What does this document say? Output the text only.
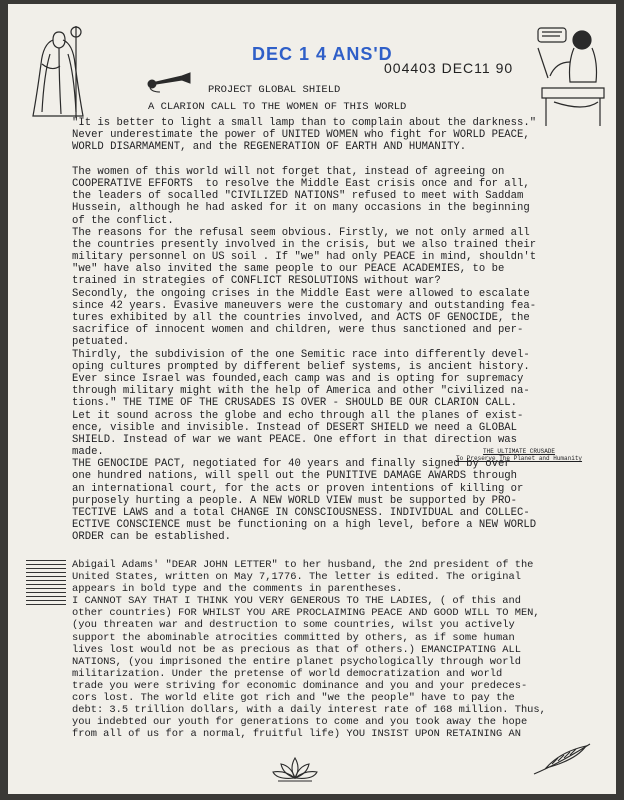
DEC 1 4 ANS'D
004403 DEC11 90
PROJECT GLOBAL SHIELD
A CLARION CALL TO THE WOMEN OF THIS WORLD
"It is better to light a small lamp than to complain about the darkness."
Never underestimate the power of UNITED WOMEN who fight for WORLD PEACE,
WORLD DISARMAMENT, and the REGENERATION OF EARTH AND HUMANITY.
The women of this world will not forget that, instead of agreeing on
COOPERATIVE EFFORTS  to resolve the Middle East crisis once and for all,
the leaders of socalled "CIVILIZED NATIONS" refused to meet with Saddam
Hussein, although he had asked for it on many occasions in the beginning
of the conflict.
The reasons for the refusal seem obvious. Firstly, we not only armed all
the countries presently involved in the crisis, but we also trained their
military personnel on US soil . If "we" had only PEACE in mind, shouldn't
"we" have also invited the same people to our PEACE ACADEMIES, to be
trained in strategies of CONFLICT RESOLUTIONS without war?
Secondly, the ongoing crises in the Middle East were allowed to escalate
since 42 years. Evasive maneuvers were the customary and outstanding fea-
tures exhibited by all the countries involved, and ACTS OF GENOCIDE, the
sacrifice of innocent women and children, were thus sanctioned and per-
petuated.
Thirdly, the subdivision of the one Semitic race into differently devel-
oping cultures prompted by different belief systems, is ancient history.
Ever since Israel was founded,each camp was and is opting for supremacy
through military might with the help of America and other "civilized na-
tions." THE TIME OF THE CRUSADES IS OVER - SHOULD BE OUR CLARION CALL.
Let it sound across the globe and echo through all the planes of exist-
ence, visible and invisible. Instead of DESERT SHIELD we need a GLOBAL
SHIELD. Instead of war we want PEACE. One effort in that direction was
made.
THE GENOCIDE PACT, negotiated for 40 years and finally signed by over
one hundred nations, will spell out the PUNITIVE DAMAGE AWARDS through
an international court, for the acts or proven intentions of killing or
purposely hurting a people. A NEW WORLD VIEW must be supported by PRO-
TECTIVE LAWS and a total CHANGE IN CONSCIOUSNESS. INDIVIDUAL and COLLEC-
ECTIVE CONSCIENCE must be functioning on a high level, before a NEW WORLD
ORDER can be established.
THE ULTIMATE CRUSADE
To Preserve The Planet and Humanity
Abigail Adams' "DEAR JOHN LETTER" to her husband, the 2nd president of the
United States, written on May 7,1776. The letter is edited. The original
appears in bold type and the comments in parentheses.
I CANNOT SAY THAT I THINK YOU VERY GENEROUS TO THE LADIES, ( of this and
other countries) FOR WHILST YOU ARE PROCLAIMING PEACE AND GOOD WILL TO MEN,
(you threaten war and destruction to some countries, wilst you actively
support the abominable atrocities committed by others, as if some human
lives lost would not be as precious as that of others.) EMANCIPATING ALL
NATIONS, (you imprisoned the entire planet psychologically through world
militarization. Under the pretense of world democratization and world
trade you were striving for economic dominance and you and your predeces-
cors lost. The world elite got rich and "we the people" have to pay the
debt: 3.5 trillion dollars, with a daily interest rate of 168 million. Thus,
you indebted our youth for generations to come and you took away the hope
from all of us for a normal, fruitful life) YOU INSIST UPON RETAINING AN
